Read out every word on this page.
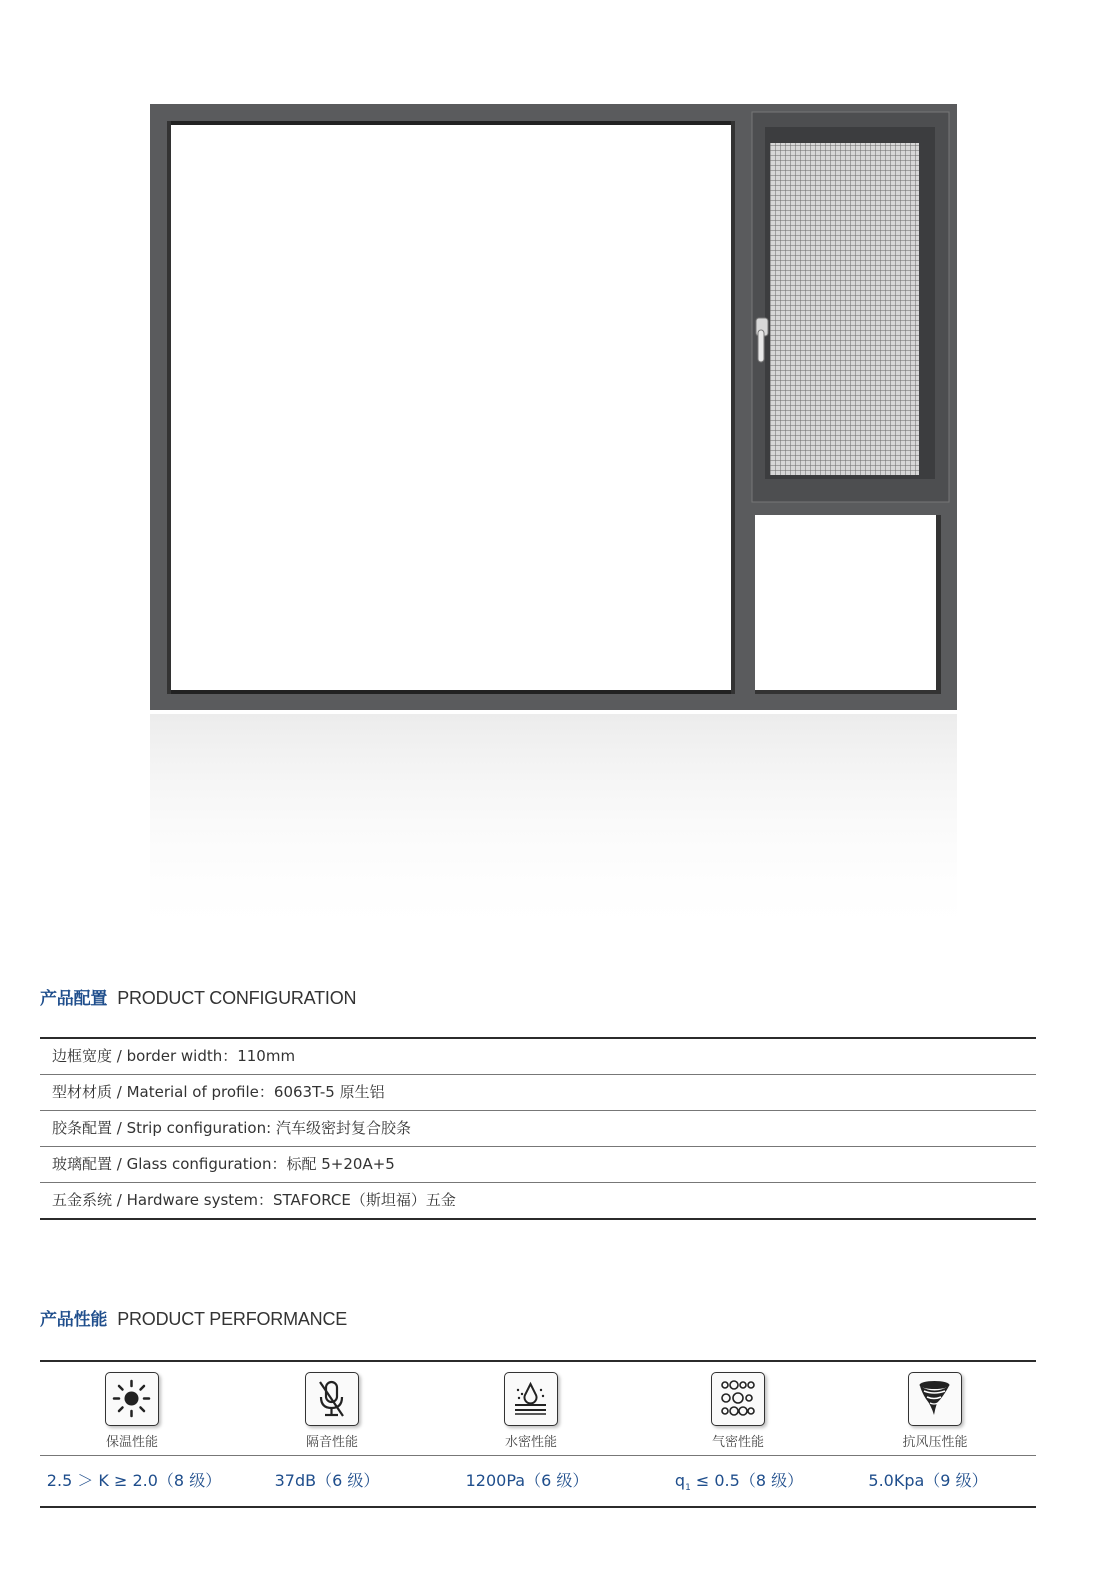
产品配置 PRODUCT CONFIGURATION
边框宽度 / border width：110mm
型材材质 / Material of profile：6063T-5 原生铝
胶条配置 / Strip configuration: 汽车级密封复合胶条
玻璃配置 / Glass configuration：标配 5+20A+5
五金系统 / Hardware system：STAFORCE（斯坦福）五金
产品性能 PRODUCT PERFORMANCE
保温性能	隔音性能	水密性能	气密性能	抗风压性能
2.5 ＞ K ≥ 2.0（8 级）	37dB（6 级）	1200Pa（6 级）	$q_1 \le 0.5(8$ 级）	5.0Kpa（9 级）
